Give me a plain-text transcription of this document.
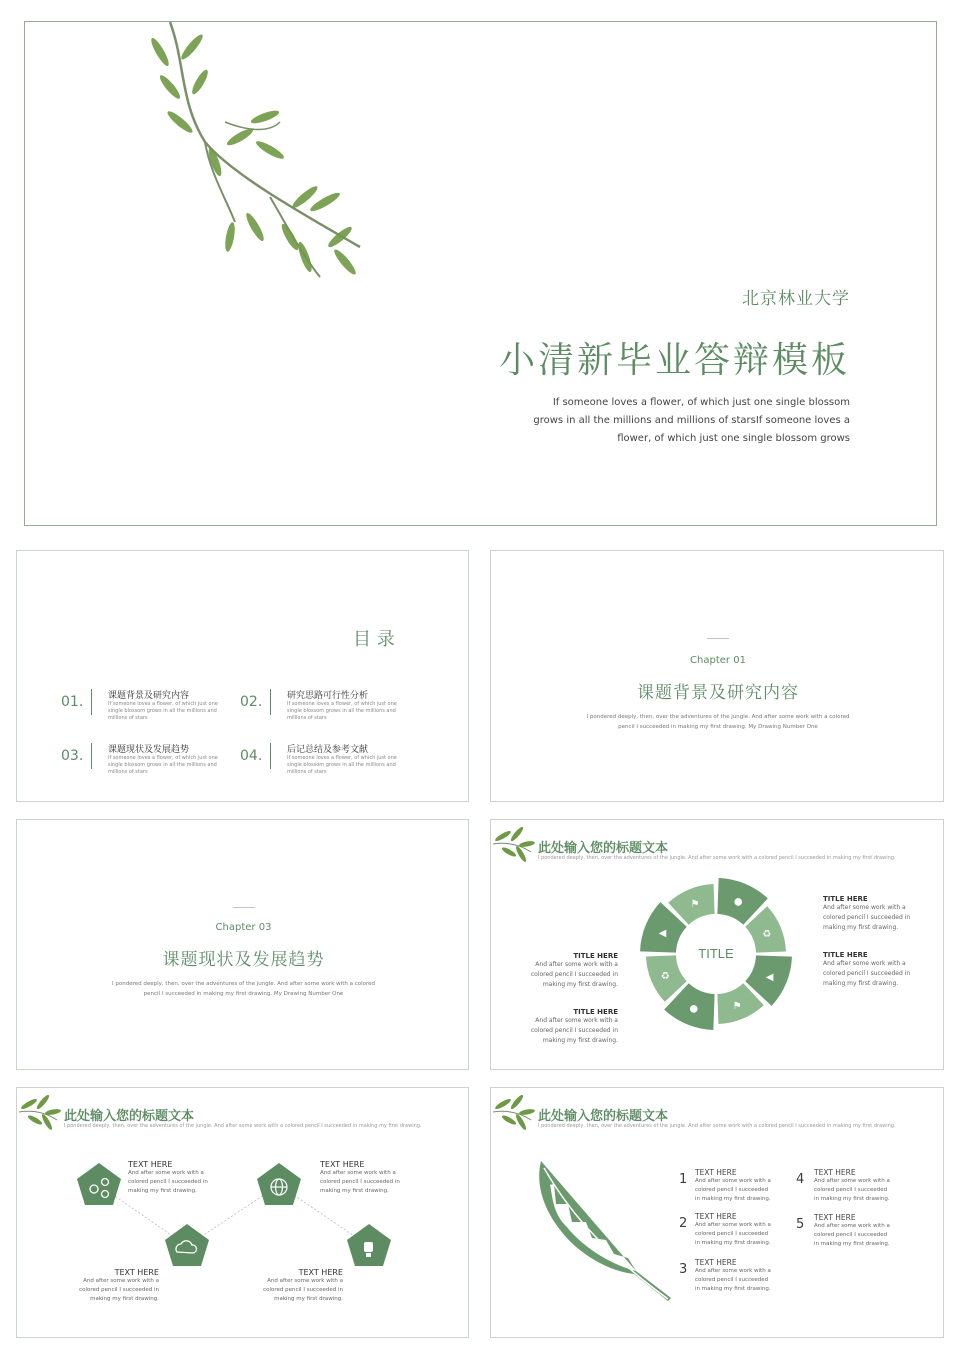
北京林业大学
小清新毕业答辩模板
If someone loves a flower, of which just one single blossom
grows in all the millions and millions of starsIf someone loves a
flower, of which just one single blossom grows
目 录
01.	课题背景及研究内容
If someone loves a flower, of which just one single blossom grows in all the millions and millions of stars
02.	研究思路可行性分析
If someone loves a flower, of which just one single blossom grows in all the millions and millions of stars
03.	课题现状及发展趋势
If someone loves a flower, of which just one single blossom grows in all the millions and millions of stars
04.	后记总结及参考文献
If someone loves a flower, of which just one single blossom grows in all the millions and millions of stars
Chapter 01
课题背景及研究内容
I pondered deeply, then, over the adventures of the jungle. And after some work with a colored
pencil I succeeded in making my first drawing. My Drawing Number One
Chapter 03
课题现状及发展趋势
I pondered deeply, then, over the adventures of the jungle. And after some work with a colored
pencil I succeeded in making my first drawing. My Drawing Number One
此处输入您的标题文本
I pondered deeply, then, over the adventures of the jungle. And after some work with a colored pencil I succeeded in making my first drawing.
●
♻
◀
⚑
●
♻
◀
⚑
TITLE
TITLE HERE
And after some work with a
colored pencil I succeeded in
making my first drawing.
TITLE HERE
And after some work with a
colored pencil I succeeded in
making my first drawing.
TITLE HERE
And after some work with a
colored pencil I succeeded in
making my first drawing.
TITLE HERE
And after some work with a
colored pencil I succeeded in
making my first drawing.
此处输入您的标题文本
I pondered deeply, then, over the adventures of the jungle. And after some work with a colored pencil I succeeded in making my first drawing.
TEXT HERE
And after some work with a
colored pencil I succeeded in
making my first drawing.
TEXT HERE
And after some work with a
colored pencil I succeeded in
making my first drawing.
TEXT HERE
And after some work with a
colored pencil I succeeded in
making my first drawing.
TEXT HERE
And after some work with a
colored pencil I succeeded in
making my first drawing.
此处输入您的标题文本
I pondered deeply, then, over the adventures of the jungle. And after some work with a colored pencil I succeeded in making my first drawing.
1 TEXT HERE
And after some work with a
colored pencil I succeeded
in making my first drawing.
2 TEXT HERE
And after some work with a
colored pencil I succeeded
in making my first drawing.
3 TEXT HERE
And after some work with a
colored pencil I succeeded
in making my first drawing.
4 TEXT HERE
And after some work with a
colored pencil I succeeded
in making my first drawing.
5 TEXT HERE
And after some work with a
colored pencil I succeeded
in making my first drawing.
